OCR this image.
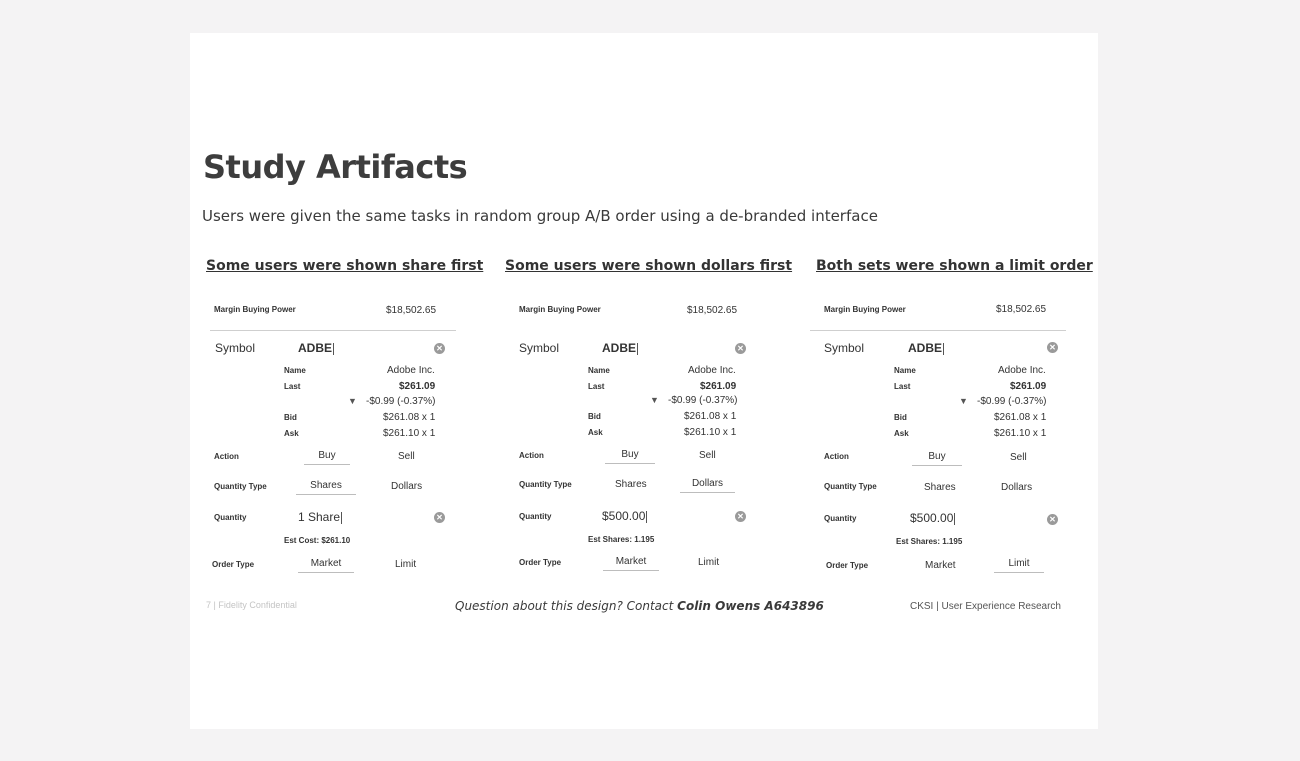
Study Artifacts
Users were given the same tasks in random group A/B order using a de-branded interface
Some users were shown share first
Margin Buying Power	$18,502.65
Symbol	ADBE	✕
Name	Adobe Inc.
Last	$261.09
▼ -$0.99 (-0.37%)
Bid	$261.08 x 1
Ask	$261.10 x 1
Action	Buy	Sell
Quantity Type	Shares	Dollars
Quantity	1 Share	✕
Est Cost: $261.10
Order Type	Market	Limit
Some users were shown dollars first
Margin Buying Power	$18,502.65
Symbol	ADBE	✕
Name	Adobe Inc.
Last	$261.09
▼ -$0.99 (-0.37%)
Bid	$261.08 x 1
Ask	$261.10 x 1
Action	Buy	Sell
Quantity Type	Shares	Dollars
Quantity	$500.00	✕
Est Shares: 1.195
Order Type	Market	Limit
Both sets were shown a limit order
Margin Buying Power	$18,502.65
Symbol	ADBE	✕
Name	Adobe Inc.
Last	$261.09
▼ -$0.99 (-0.37%)
Bid	$261.08 x 1
Ask	$261.10 x 1
Action	Buy	Sell
Quantity Type	Shares	Dollars
Quantity	$500.00	✕
Est Shares: 1.195
Order Type	Market	Limit
7 | Fidelity Confidential	Question about this design? Contact Colin Owens A643896	CKSI | User Experience Research
